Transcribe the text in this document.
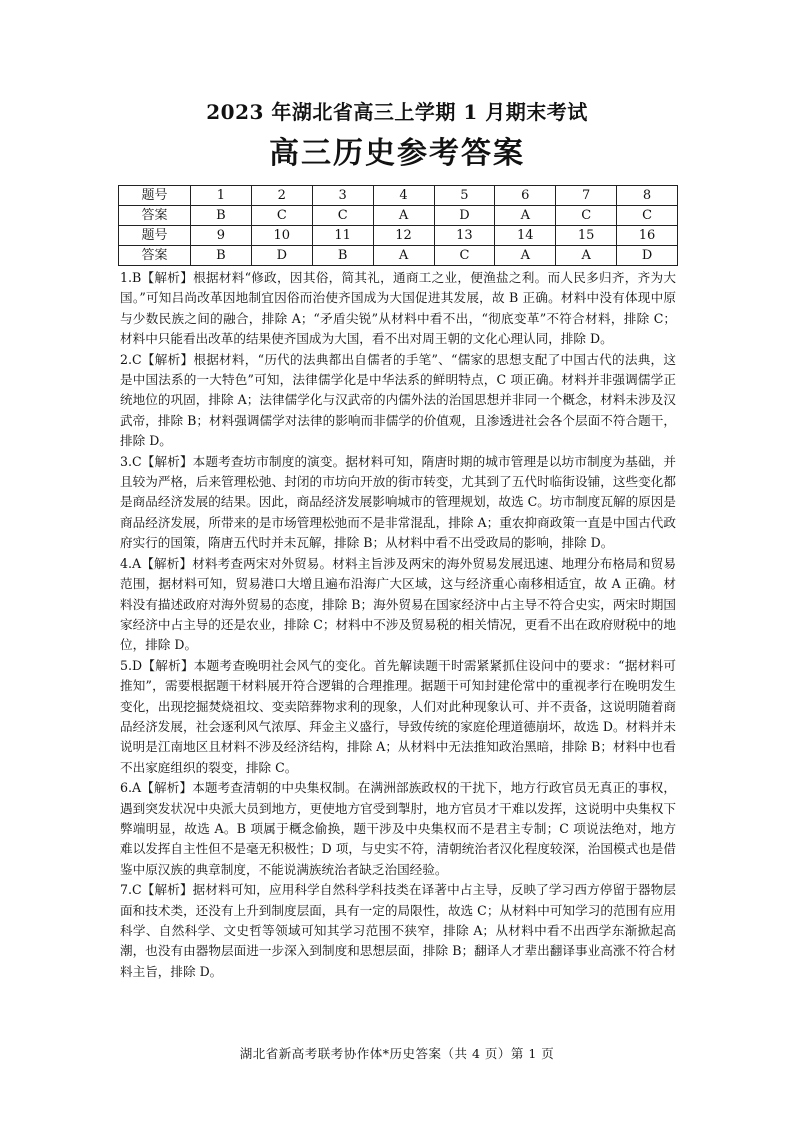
2023 年湖北省高三上学期 1 月期末考试
高三历史参考答案
题号	1	2	3	4	5	6	7	8
答案	B	C	C	A	D	A	C	C
题号	9	10	11	12	13	14	15	16
答案	B	D	B	A	C	A	A	D

1.B【解析】根据材料“修政，因其俗，简其礼，通商工之业，便渔盐之利。而人民多归齐，齐为大国。”可知吕尚改革因地制宜因俗而治使齐国成为大国促进其发展，故 B 正确。材料中没有体现中原与少数民族之间的融合，排除 A；“矛盾尖锐”从材料中看不出，“彻底变革”不符合材料，排除 C；材料中只能看出改革的结果使齐国成为大国，看不出对周王朝的文化心理认同，排除 D。

2.C【解析】根据材料，“历代的法典都出自儒者的手笔”、“儒家的思想支配了中国古代的法典，这是中国法系的一大特色”可知，法律儒学化是中华法系的鲜明特点，C 项正确。材料并非强调儒学正统地位的巩固，排除 A；法律儒学化与汉武帝的内儒外法的治国思想并非同一个概念，材料未涉及汉武帝，排除 B；材料强调儒学对法律的影响而非儒学的价值观，且渗透进社会各个层面不符合题干，排除 D。

3.C【解析】本题考查坊市制度的演变。据材料可知，隋唐时期的城市管理是以坊市制度为基础，并且较为严格，后来管理松弛、封闭的市坊向开放的街市转变，尤其到了五代时临街设铺，这些变化都是商品经济发展的结果。因此，商品经济发展影响城市的管理规划，故选 C。坊市制度瓦解的原因是商品经济发展，所带来的是市场管理松弛而不是非常混乱，排除 A；重农抑商政策一直是中国古代政府实行的国策，隋唐五代时并未瓦解，排除 B；从材料中看不出受政局的影响，排除 D。

4.A【解析】材料考查两宋对外贸易。材料主旨涉及两宋的海外贸易发展迅速、地理分布格局和贸易范围，据材料可知，贸易港口大增且遍布沿海广大区域，这与经济重心南移相适宜，故 A 正确。材料没有描述政府对海外贸易的态度，排除 B；海外贸易在国家经济中占主导不符合史实，两宋时期国家经济中占主导的还是农业，排除 C；材料中不涉及贸易税的相关情况，更看不出在政府财税中的地位，排除 D。

5.D【解析】本题考查晚明社会风气的变化。首先解读题干时需紧紧抓住设问中的要求：“据材料可推知”，需要根据题干材料展开符合逻辑的合理推理。据题干可知封建伦常中的重视孝行在晚明发生变化，出现挖掘焚烧祖坟、变卖陪葬物求利的现象，人们对此种现象认可、并不责备，这说明随着商品经济发展，社会逐利风气浓厚、拜金主义盛行，导致传统的家庭伦理道德崩坏，故选 D。材料并未说明是江南地区且材料不涉及经济结构，排除 A；从材料中无法推知政治黑暗，排除 B；材料中也看不出家庭组织的裂变，排除 C。

6.A【解析】本题考查清朝的中央集权制。在满洲部族政权的干扰下，地方行政官员无真正的事权，遇到突发状况中央派大员到地方，更使地方官受到掣肘，地方官员才干难以发挥，这说明中央集权下弊端明显，故选 A。B 项属于概念偷换，题干涉及中央集权而不是君主专制；C 项说法绝对，地方难以发挥自主性但不是毫无积极性；D 项，与史实不符，清朝统治者汉化程度较深，治国模式也是借鉴中原汉族的典章制度，不能说满族统治者缺乏治国经验。

7.C【解析】据材料可知，应用科学自然科学科技类在译著中占主导，反映了学习西方停留于器物层面和技术类，还没有上升到制度层面，具有一定的局限性，故选 C；从材料中可知学习的范围有应用科学、自然科学、文史哲等领域可知其学习范围不狭窄，排除 A；从材料中看不出西学东渐掀起高潮，也没有由器物层面进一步深入到制度和思想层面，排除 B；翻译人才辈出翻译事业高涨不符合材料主旨，排除 D。

湖北省新高考联考协作体*历史答案（共 4 页）第 1 页
